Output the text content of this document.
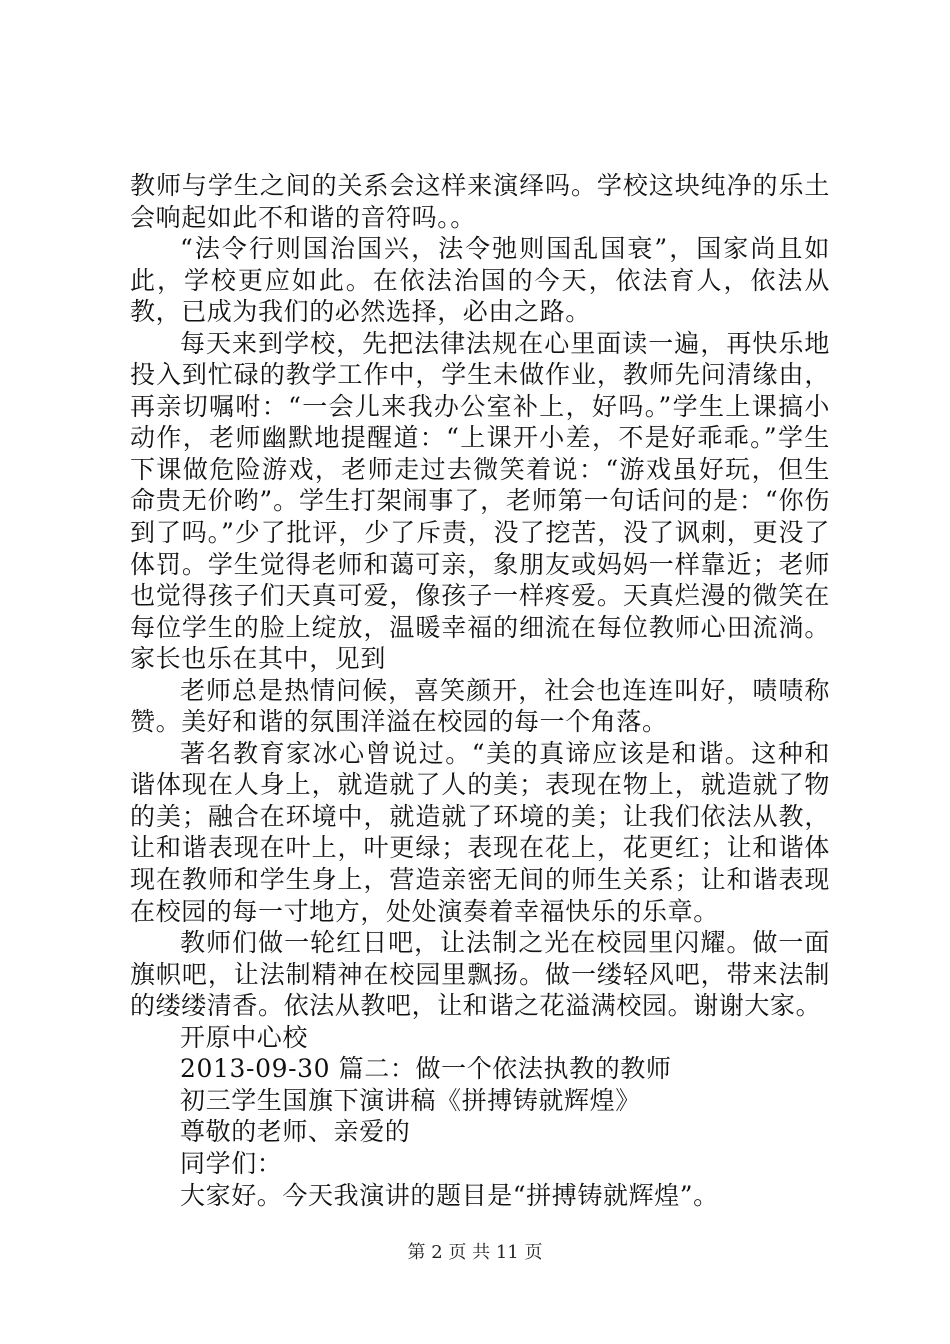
教师与学生之间的关系会这样来演绎吗。学校这块纯净的乐土会响起如此不和谐的音符吗。。

“法令行则国治国兴，法令弛则国乱国衰”，国家尚且如此，学校更应如此。在依法治国的今天，依法育人，依法从教，已成为我们的必然选择，必由之路。

每天来到学校，先把法律法规在心里面读一遍，再快乐地投入到忙碌的教学工作中，学生未做作业，教师先问清缘由，再亲切嘱咐：“一会儿来我办公室补上，好吗。”学生上课搞小动作，老师幽默地提醒道：“上课开小差，不是好乖乖。”学生下课做危险游戏，老师走过去微笑着说：“游戏虽好玩，但生命贵无价哟”。学生打架闹事了，老师第一句话问的是：“你伤到了吗。”少了批评，少了斥责，没了挖苦，没了讽刺，更没了体罚。学生觉得老师和蔼可亲，象朋友或妈妈一样靠近；老师也觉得孩子们天真可爱，像孩子一样疼爱。天真烂漫的微笑在每位学生的脸上绽放，温暖幸福的细流在每位教师心田流淌。家长也乐在其中，见到

老师总是热情问候，喜笑颜开，社会也连连叫好，啧啧称赞。美好和谐的氛围洋溢在校园的每一个角落。

著名教育家冰心曾说过。“美的真谛应该是和谐。这种和谐体现在人身上，就造就了人的美；表现在物上，就造就了物的美；融合在环境中，就造就了环境的美；让我们依法从教，让和谐表现在叶上，叶更绿；表现在花上，花更红；让和谐体现在教师和学生身上，营造亲密无间的师生关系；让和谐表现在校园的每一寸地方，处处演奏着幸福快乐的乐章。

教师们做一轮红日吧，让法制之光在校园里闪耀。做一面旗帜吧，让法制精神在校园里飘扬。做一缕轻风吧，带来法制的缕缕清香。依法从教吧，让和谐之花溢满校园。谢谢大家。

开原中心校

2013-09-30 篇二：做一个依法执教的教师

初三学生国旗下演讲稿《拼搏铸就辉煌》

尊敬的老师、亲爱的

同学们：

大家好。今天我演讲的题目是“拼搏铸就辉煌”。

第 2 页 共 11 页
